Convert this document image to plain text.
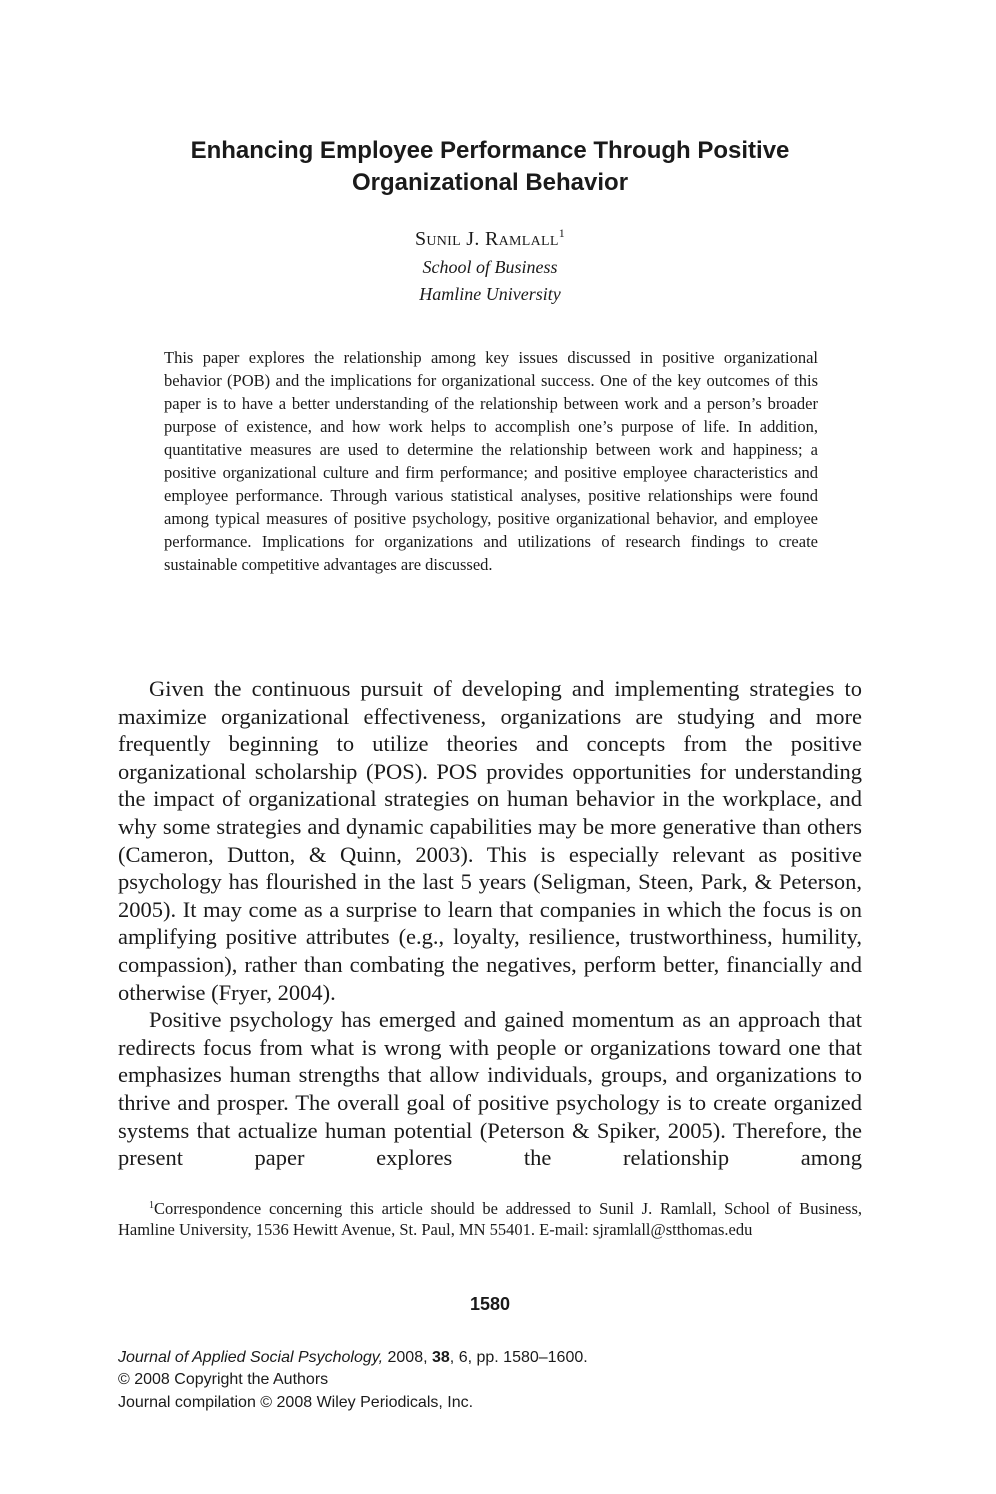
Enhancing Employee Performance Through Positive
Organizational Behavior
Sunil J. Ramlall$^1$
School of Business
Hamline University

This paper explores the relationship among key issues discussed in positive organizational behavior (POB) and the implications for organizational success. One of the key outcomes of this paper is to have a better understanding of the relationship between work and a person’s broader purpose of existence, and how work helps to accomplish one’s purpose of life. In addition, quantitative measures are used to determine the relationship between work and happiness; a positive organizational culture and firm performance; and positive employee characteristics and employee performance. Through various statistical analyses, positive relationships were found among typical measures of positive psychology, positive organizational behavior, and employee performance. Implications for organizations and utilizations of research findings to create sustainable competitive advantages are discussed.

Given the continuous pursuit of developing and implementing strategies to maximize organizational effectiveness, organizations are studying and more frequently beginning to utilize theories and concepts from the positive organizational scholarship (POS). POS provides opportunities for understanding the impact of organizational strategies on human behavior in the workplace, and why some strategies and dynamic capabilities may be more generative than others (Cameron, Dutton, & Quinn, 2003). This is especially relevant as positive psychology has flourished in the last 5 years (Seligman, Steen, Park, & Peterson, 2005). It may come as a surprise to learn that companies in which the focus is on amplifying positive attributes (e.g., loyalty, resilience, trustworthiness, humility, compassion), rather than combating the negatives, perform better, financially and otherwise (Fryer, 2004).

Positive psychology has emerged and gained momentum as an approach that redirects focus from what is wrong with people or organizations toward one that emphasizes human strengths that allow individuals, groups, and organizations to thrive and prosper. The overall goal of positive psychology is to create organized systems that actualize human potential (Peterson & Spiker, 2005). Therefore, the present paper explores the relationship among

$^1$Correspondence concerning this article should be addressed to Sunil J. Ramlall, School of Business, Hamline University, 1536 Hewitt Avenue, St. Paul, MN 55401. E-mail: sjramlall@stthomas.edu

1580
Journal of Applied Social Psychology, 2008, 38, 6, pp. 1580–1600.
© 2008 Copyright the Authors
Journal compilation © 2008 Wiley Periodicals, Inc.
